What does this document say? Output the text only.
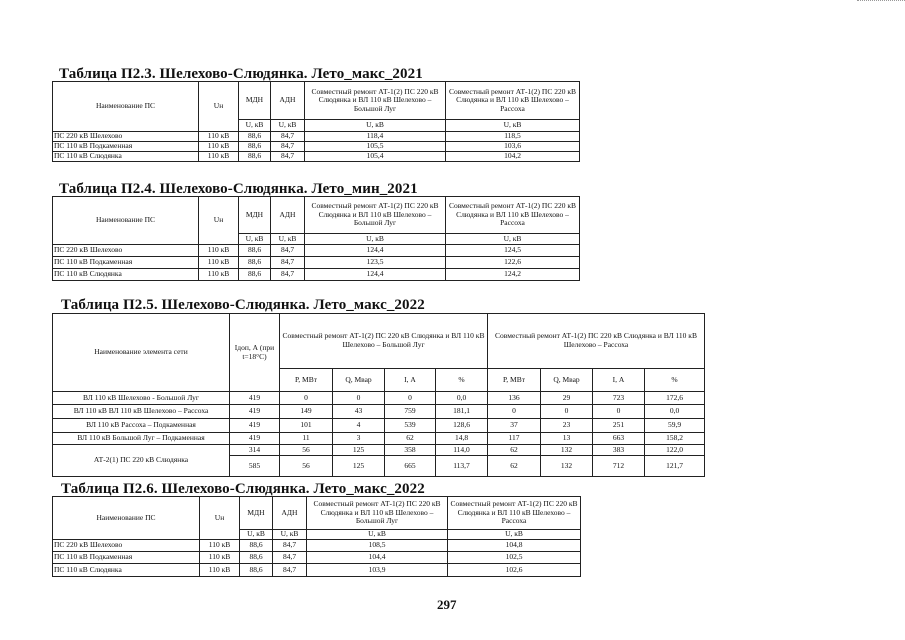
Таблица П2.3. Шелехово-Слюдянка. Лето_макс_2021
Наименование ПС	Uн	МДН	АДН	Совместный ремонт АТ-1(2) ПС 220 кВ Слюдянка и ВЛ 110 кВ Шелехово – Большой Луг	Совместный ремонт АТ-1(2) ПС 220 кВ Слюдянка и ВЛ 110 кВ Шелехово – Рассоха
		U, кВ	U, кВ	U, кВ	U, кВ
ПС 220 кВ Шелехово	110 кВ	88,6	84,7	118,4	118,5
ПС 110 кВ Подкаменная	110 кВ	88,6	84,7	105,5	103,6
ПС 110 кВ Слюдянка	110 кВ	88,6	84,7	105,4	104,2
Таблица П2.4. Шелехово-Слюдянка. Лето_мин_2021
Наименование ПС	Uн	МДН	АДН	Совместный ремонт АТ-1(2) ПС 220 кВ Слюдянка и ВЛ 110 кВ Шелехово – Большой Луг	Совместный ремонт АТ-1(2) ПС 220 кВ Слюдянка и ВЛ 110 кВ Шелехово – Рассоха
		U, кВ	U, кВ	U, кВ	U, кВ
ПС 220 кВ Шелехово	110 кВ	88,6	84,7	124,4	124,5
ПС 110 кВ Подкаменная	110 кВ	88,6	84,7	123,5	122,6
ПС 110 кВ Слюдянка	110 кВ	88,6	84,7	124,4	124,2
Таблица П2.5. Шелехово-Слюдянка. Лето_макс_2022
Наименование элемента сети	Iдоп, А (при t=18°С)	Совместный ремонт АТ-1(2) ПС 220 кВ Слюдянка и ВЛ 110 кВ Шелехово – Большой Луг				Совместный ремонт АТ-1(2) ПС 220 кВ Слюдянка и ВЛ 110 кВ Шелехово – Рассоха			
		P, МВт	Q, Мвар	I, А	%	P, МВт	Q, Мвар	I, А	%
ВЛ 110 кВ Шелехово - Большой Луг	419	0	0	0	0,0	136	29	723	172,6
ВЛ 110 кВ ВЛ 110 кВ Шелехово – Рассоха	419	149	43	759	181,1	0	0	0	0,0
ВЛ 110 кВ Рассоха – Подкаменная	419	101	4	539	128,6	37	23	251	59,9
ВЛ 110 кВ Большой Луг – Подкаменная	419	11	3	62	14,8	117	13	663	158,2
АТ-2(1) ПС 220 кВ Слюдянка	314	56	125	358	114,0	62	132	383	122,0
	585	56	125	665	113,7	62	132	712	121,7
Таблица П2.6. Шелехово-Слюдянка. Лето_макс_2022
Наименование ПС	Uн	МДН	АДН	Совместный ремонт АТ-1(2) ПС 220 кВ Слюдянка и ВЛ 110 кВ Шелехово – Большой Луг	Совместный ремонт АТ-1(2) ПС 220 кВ Слюдянка и ВЛ 110 кВ Шелехово – Рассоха
		U, кВ	U, кВ	U, кВ	U, кВ
ПС 220 кВ Шелехово	110 кВ	88,6	84,7	108,5	104,8
ПС 110 кВ Подкаменная	110 кВ	88,6	84,7	104,4	102,5
ПС 110 кВ Слюдянка	110 кВ	88,6	84,7	103,9	102,6
297
